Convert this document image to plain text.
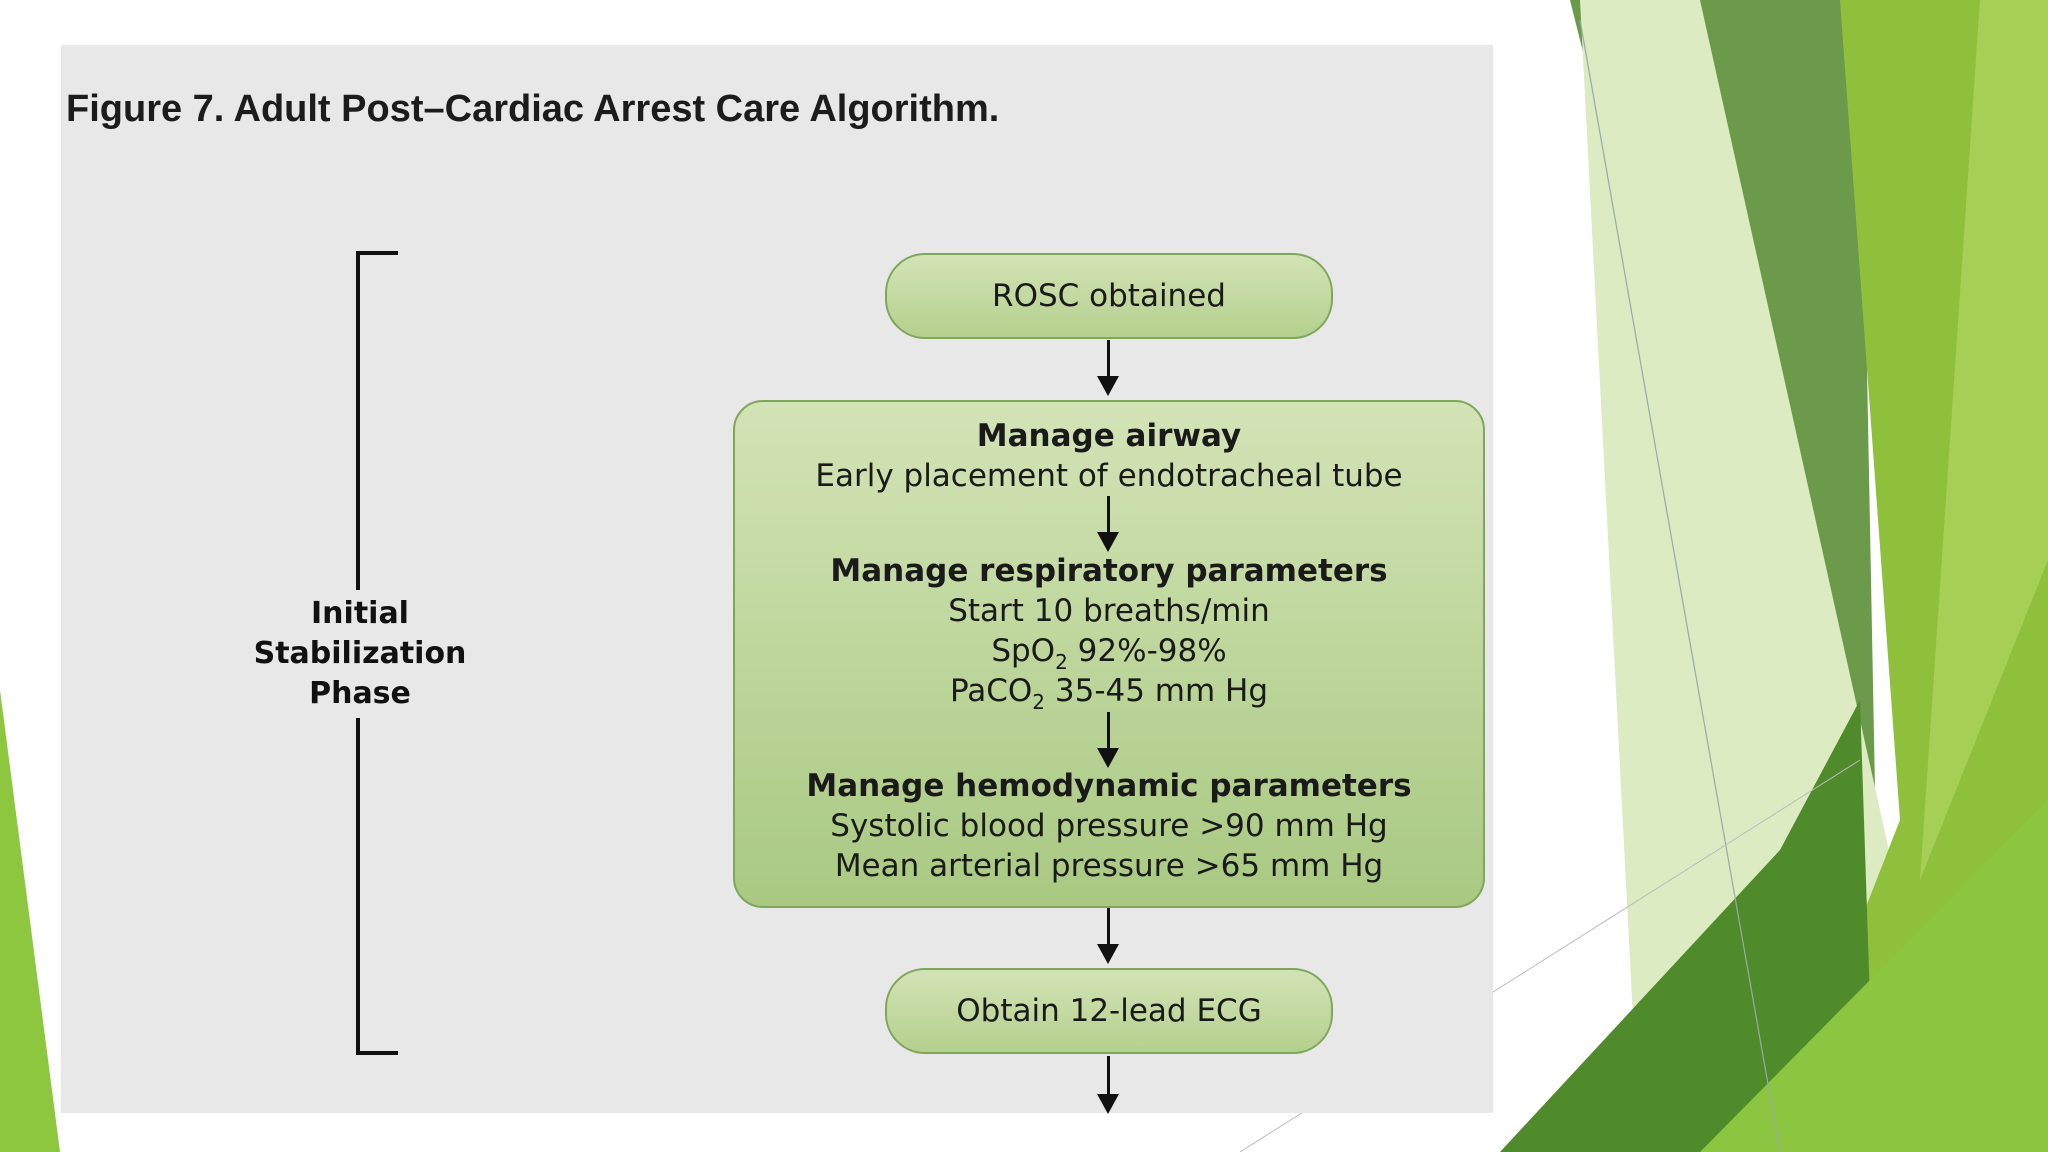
Figure 7. Adult Post–Cardiac Arrest Care Algorithm.
Initial
Stabilization
Phase
ROSC obtained
Manage airway
Early placement of endotracheal tube
Manage respiratory parameters
Start 10 breaths/min
SpO$_2$ 92%-98%
PaCO$_2$ 35-45 mm Hg
Manage hemodynamic parameters
Systolic blood pressure >90 mm Hg
Mean arterial pressure >65 mm Hg
Obtain 12-lead ECG
